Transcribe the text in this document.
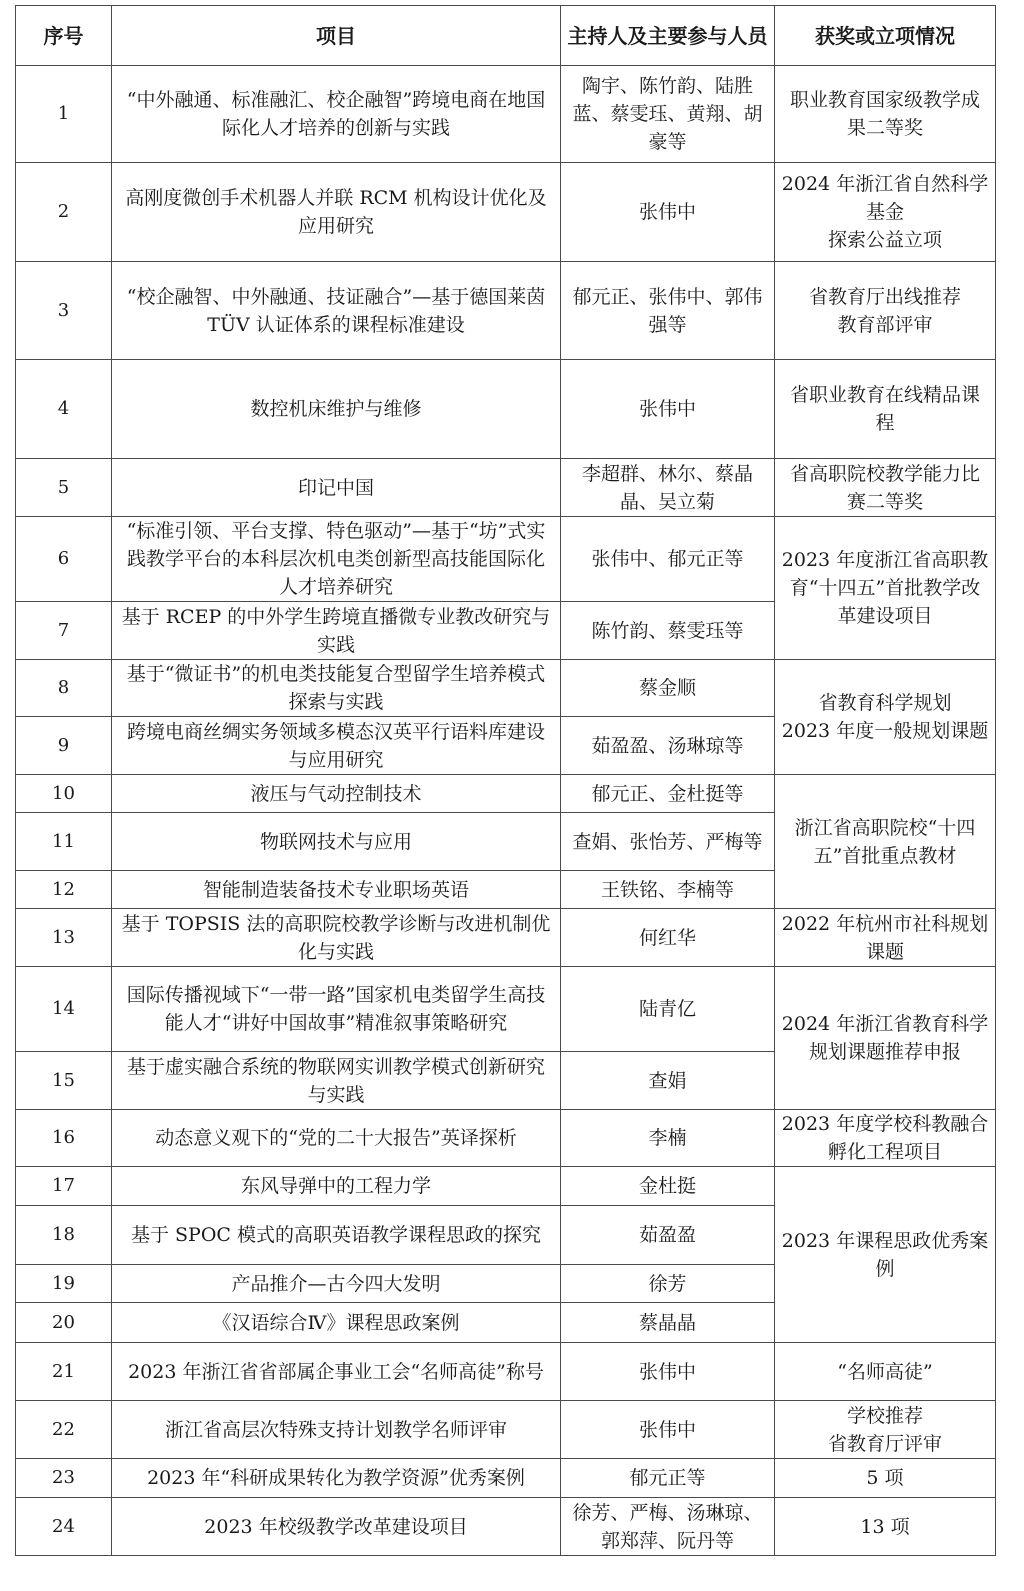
序号	项目	主持人及主要参与人员	获奖或立项情况
1	“中外融通、标准融汇、校企融智”跨境电商在地国际化人才培养的创新与实践	陶宇、陈竹韵、陆胜蓝、蔡雯珏、黄翔、胡豪等	职业教育国家级教学成果二等奖
2	高刚度微创手术机器人并联 RCM 机构设计优化及应用研究	张伟中	2024 年浙江省自然科学基金
探索公益立项
3	“校企融智、中外融通、技证融合”—基于德国莱茵 TÜV 认证体系的课程标准建设	郁元正、张伟中、郭伟强等	省教育厅出线推荐
教育部评审
4	数控机床维护与维修	张伟中	省职业教育在线精品课程
5	印记中国	李超群、林尔、蔡晶晶、吴立菊	省高职院校教学能力比赛二等奖
6	“标准引领、平台支撑、特色驱动”—基于“坊”式实践教学平台的本科层次机电类创新型高技能国际化人才培养研究	张伟中、郁元正等	2023 年度浙江省高职教育“十四五”首批教学改革建设项目
7	基于 RCEP 的中外学生跨境直播微专业教改研究与实践	陈竹韵、蔡雯珏等	
8	基于“微证书”的机电类技能复合型留学生培养模式探索与实践	蔡金顺	省教育科学规划
2023 年度一般规划课题
9	跨境电商丝绸实务领域多模态汉英平行语料库建设与应用研究	茹盈盈、汤琳琼等	
10	液压与气动控制技术	郁元正、金杜挺等	浙江省高职院校“十四五”首批重点教材
11	物联网技术与应用	查娟、张怡芳、严梅等	
12	智能制造装备技术专业职场英语	王铁铭、李楠等	
13	基于 TOPSIS 法的高职院校教学诊断与改进机制优化与实践	何红华	2022 年杭州市社科规划课题
14	国际传播视域下“一带一路”国家机电类留学生高技能人才“讲好中国故事”精准叙事策略研究	陆青亿	2024 年浙江省教育科学规划课题推荐申报
15	基于虚实融合系统的物联网实训教学模式创新研究与实践	查娟	
16	动态意义观下的“党的二十大报告”英译探析	李楠	2023 年度学校科教融合孵化工程项目
17	东风导弹中的工程力学	金杜挺	2023 年课程思政优秀案例
18	基于 SPOC 模式的高职英语教学课程思政的探究	茹盈盈	
19	产品推介—古今四大发明	徐芳	
20	《汉语综合Ⅳ》课程思政案例	蔡晶晶	
21	2023 年浙江省省部属企事业工会“名师高徒”称号	张伟中	“名师高徒”
22	浙江省高层次特殊支持计划教学名师评审	张伟中	学校推荐
省教育厅评审
23	2023 年“科研成果转化为教学资源”优秀案例	郁元正等	5 项
24	2023 年校级教学改革建设项目	徐芳、严梅、汤琳琼、郭郑萍、阮丹等	13 项
